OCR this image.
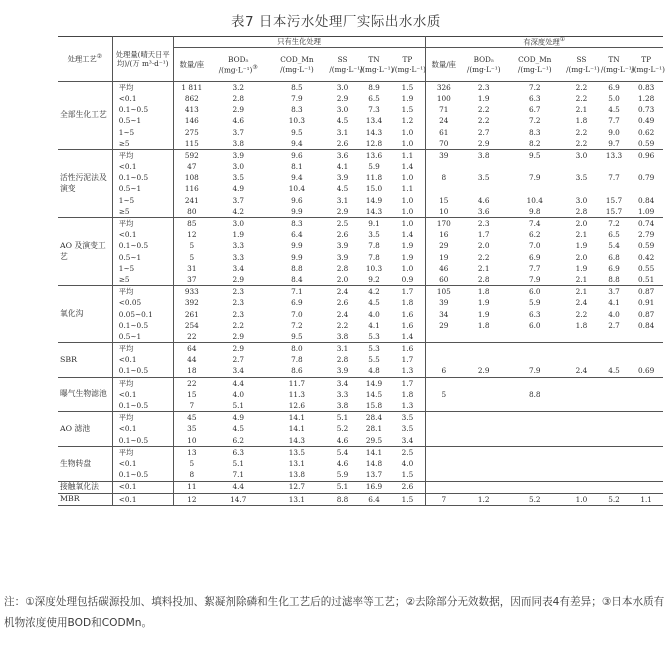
表7 日本污水处理厂实际出水水质
处理工艺②	处理量(晴天日平均)/(万 m³·d⁻¹)	只有生化处理						有深度处理①
		数量/座	BOD₅ /(mg·L⁻¹)③	COD_Mn /(mg·L⁻¹)	SS /(mg·L⁻¹)	TN /(mg·L⁻¹)	TP /(mg·L⁻¹)	数量/座	BOD₅ /(mg·L⁻¹)	COD_Mn /(mg·L⁻¹)	SS /(mg·L⁻¹)	TN /(mg·L⁻¹)	TP /(mg·L⁻¹)
全部生化工艺	平均	1 811	3.2	8.5	3.0	8.9	1.5	326	2.3	7.2	2.2	6.9	0.83
	<0.1	862	2.8	7.9	2.9	6.5	1.9	100	1.9	6.3	2.2	5.0	1.28
	0.1~0.5	413	2.9	8.3	3.0	7.3	1.5	71	2.2	6.7	2.1	4.5	0.73
	0.5~1	146	4.6	10.3	4.5	13.4	1.2	24	2.2	7.2	1.8	7.7	0.49
	1~5	275	3.7	9.5	3.1	14.3	1.0	61	2.7	8.3	2.2	9.0	0.62
	≥5	115	3.8	9.4	2.6	12.8	1.0	70	2.9	8.2	2.2	9.7	0.59
活性污泥法及演变	平均	592	3.9	9.6	3.6	13.6	1.1	39	3.8	9.5	3.0	13.3	0.96
	<0.1	47	3.0	8.1	4.1	5.9	1.4						
	0.1~0.5	108	3.5	9.4	3.9	11.8	1.0	8	3.5	7.9	3.5	7.7	0.79
	0.5~1	116	4.9	10.4	4.5	15.0	1.1						
	1~5	241	3.7	9.6	3.1	14.9	1.0	15	4.6	10.4	3.0	15.7	0.84
	≥5	80	4.2	9.9	2.9	14.3	1.0	10	3.6	9.8	2.8	15.7	1.09
AO 及演变工艺	平均	85	3.0	8.3	2.5	9.1	1.0	170	2.3	7.4	2.0	7.2	0.74
	<0.1	12	1.9	6.4	2.6	3.5	1.4	16	1.7	6.2	2.1	6.5	2.79
	0.1~0.5	5	3.3	9.9	3.9	7.8	1.9	29	2.0	7.0	1.9	5.4	0.59
	0.5~1	5	3.3	9.9	3.9	7.8	1.9	19	2.2	6.9	2.0	6.8	0.42
	1~5	31	3.4	8.8	2.8	10.3	1.0	46	2.1	7.7	1.9	6.9	0.55
	≥5	37	2.9	8.4	2.0	9.2	0.9	60	2.8	7.9	2.1	8.8	0.51
氧化沟	平均	933	2.3	7.1	2.4	4.2	1.7	105	1.8	6.0	2.1	3.7	0.87
	<0.05	392	2.3	6.9	2.6	4.5	1.8	39	1.9	5.9	2.4	4.1	0.91
	0.05~0.1	261	2.3	7.0	2.4	4.0	1.6	34	1.9	6.3	2.2	4.0	0.87
	0.1~0.5	254	2.2	7.2	2.2	4.1	1.6	29	1.8	6.0	1.8	2.7	0.84
	0.5~1	22	2.9	9.5	3.8	5.3	1.4						
SBR	平均	64	2.9	8.0	3.1	5.3	1.6						
	<0.1	44	2.7	7.8	2.8	5.5	1.7						
	0.1~0.5	18	3.4	8.6	3.9	4.8	1.3	6	2.9	7.9	2.4	4.5	0.69
曝气生物滤池	平均	22	4.4	11.7	3.4	14.9	1.7						
	<0.1	15	4.0	11.3	3.3	14.5	1.8	5		8.8			
	0.1~0.5	7	5.1	12.6	3.8	15.8	1.3						
AO 滤池	平均	45	4.9	14.1	5.1	28.4	3.5						
	<0.1	35	4.5	14.1	5.2	28.1	3.5						
	0.1~0.5	10	6.2	14.3	4.6	29.5	3.4						
生物转盘	平均	13	6.3	13.5	5.4	14.1	2.5						
	<0.1	5	5.1	13.1	4.6	14.8	4.0						
	0.1~0.5	8	7.1	13.8	5.9	13.7	1.5						
接触氧化法	<0.1	11	4.4	12.7	5.1	16.9	2.6						
MBR	<0.1	12	14.7	13.1	8.8	6.4	1.5	7	1.2	5.2	1.0	5.2	1.1
注：①深度处理包括碳源投加、填料投加、絮凝剂除磷和生化工艺后的过滤率等工艺；②去除部分无效数据，因而同表4有差异；③日本水质有机物浓度使用BOD和CODMn。
